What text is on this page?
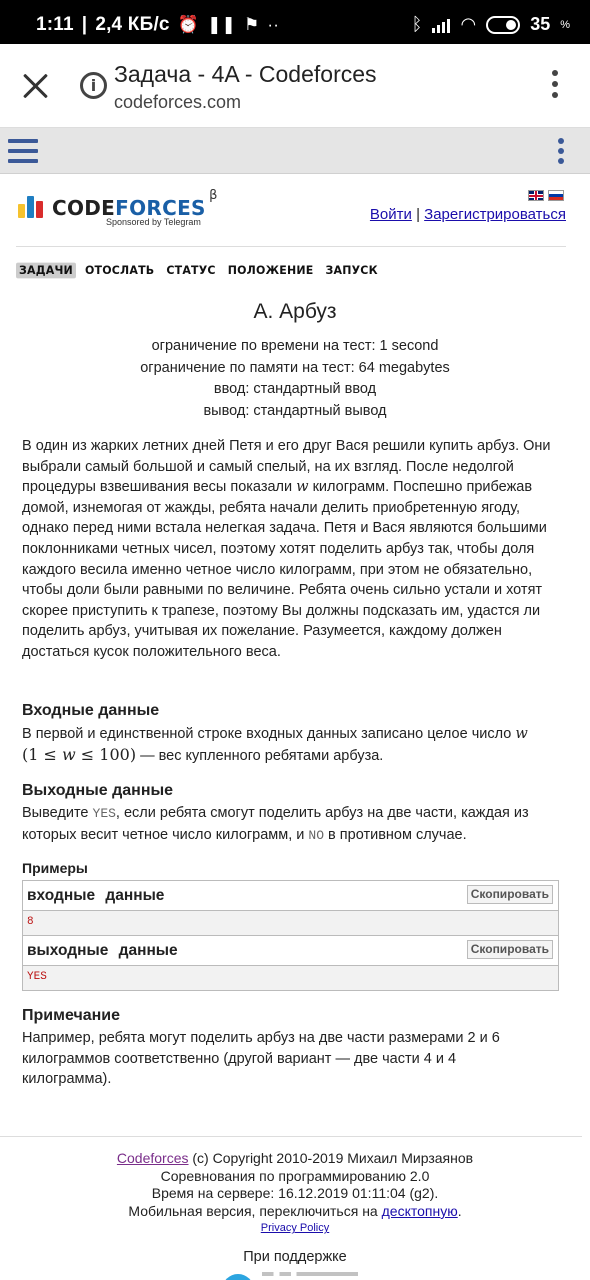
1:11 | 2,4 КБ/с ⏰ ❚❚ ⚑ ··	ᛒ ◠	35 %
i Задача - 4A - Codeforces
codeforces.com
CODEFORCES
β
Sponsored by Telegram	Войти | Зарегистрироваться
ЗАДАЧИ ОТОСЛАТЬ СТАТУС ПОЛОЖЕНИЕ ЗАПУСК
A. Арбуз
ограничение по времени на тест: 1 second
ограничение по памяти на тест: 64 megabytes
ввод: стандартный ввод
вывод: стандартный вывод
В один из жарких летних дней Петя и его друг Вася решили купить арбуз. Они выбрали самый большой и самый спелый, на их взгляд. После недолгой процедуры взвешивания весы показали w килограмм. Поспешно прибежав домой, изнемогая от жажды, ребята начали делить приобретенную ягоду, однако перед ними встала нелегкая задача. Петя и Вася являются большими поклонниками четных чисел, поэтому хотят поделить арбуз так, чтобы доля каждого весила именно четное число килограмм, при этом не обязательно, чтобы доли были равными по величине. Ребята очень сильно устали и хотят скорее приступить к трапезе, поэтому Вы должны подсказать им, удастся ли поделить арбуз, учитывая их пожелание. Разумеется, каждому должен достаться кусок положительного веса.
Входные данные
В первой и единственной строке входных данных записано целое число w
(1 ≤ w ≤ 100) — вес купленного ребятами арбуза.
Выходные данные
Выведите YES, если ребята смогут поделить арбуз на две части, каждая из которых весит четное число килограмм, и NO в противном случае.
Примеры
входные данные	Скопировать
8
выходные данные	Скопировать
YES
Примечание
Например, ребята могут поделить арбуз на две части размерами 2 и 6 килограммов соответственно (другой вариант — две части 4 и 4 килограмма).
Codeforces (c) Copyright 2010-2019 Михаил Мирзаянов
Соревнования по программированию 2.0
Время на сервере: 16.12.2019 01:11:04 (g2).
Мобильная версия, переключиться на десктопную.
Privacy Policy
При поддержке
